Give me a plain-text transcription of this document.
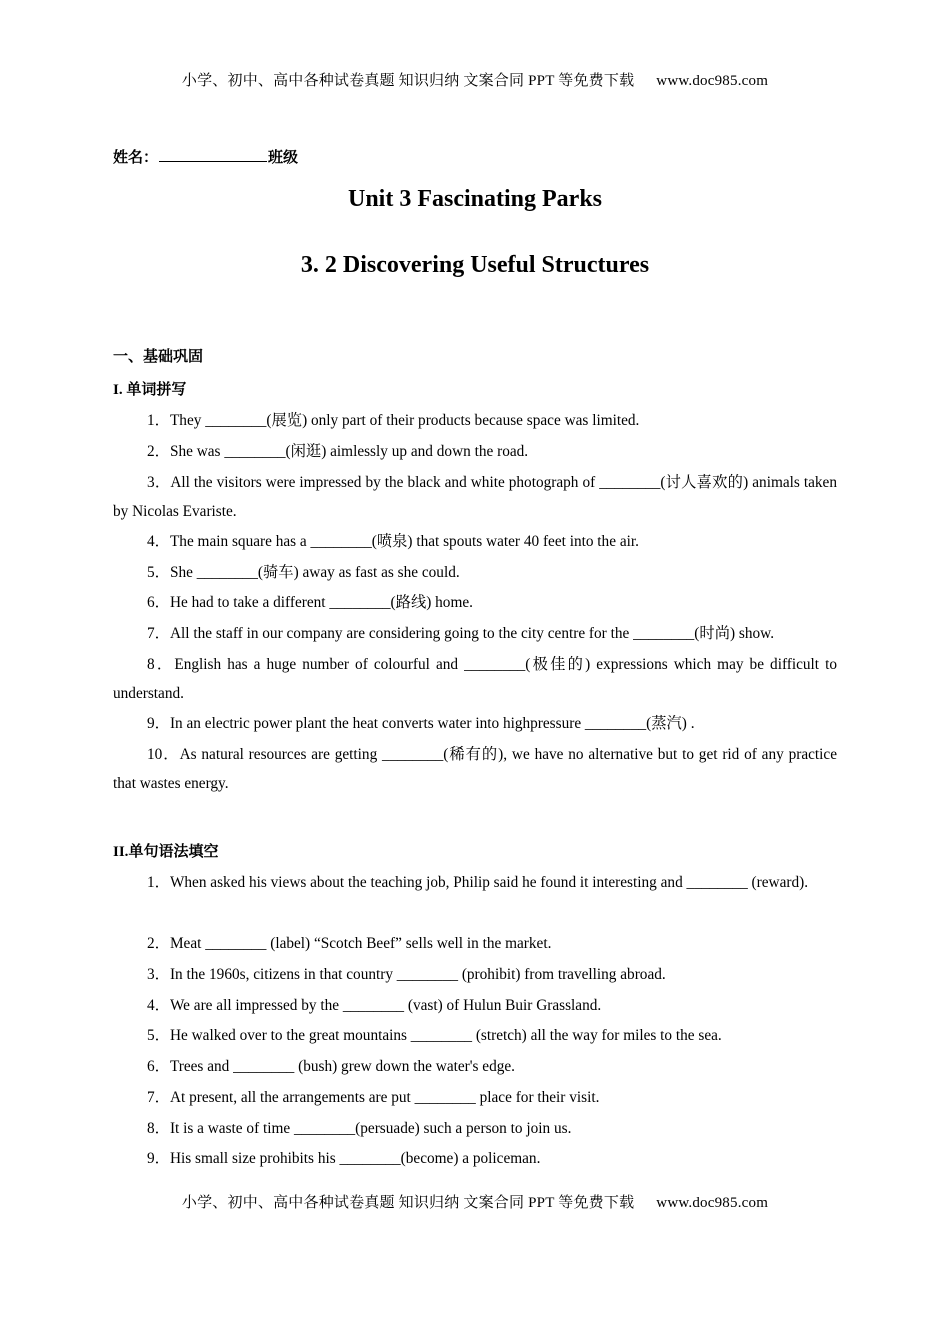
小学、初中、高中各种试卷真题 知识归纳 文案合同 PPT 等免费下载 www.doc985.com
姓名：	班级
Unit 3 Fascinating Parks
3. 2 Discovering Useful Structures
一、基础巩固
I. 单词拼写
1．They ________(展览) only part of their products because space was limited.
2．She was ________(闲逛) aimlessly up and down the road.
3．All the visitors were impressed by the black and white photograph of ________(讨人喜欢的) animals taken by Nicolas Evariste.
4．The main square has a ________(喷泉) that spouts water 40 feet into the air.
5．She ________(骑车) away as fast as she could.
6．He had to take a different ________(路线) home.
7．All the staff in our company are considering going to the city centre for the ________(时尚) show.
8．English has a huge number of colourful and ________(极佳的) expressions which may be difficult to understand.
9．In an electric power plant the heat converts water into highpressure ________(蒸汽) .
10．As natural resources are getting ________(稀有的), we have no alternative but to get rid of any practice that wastes energy.
II.单句语法填空
1．When asked his views about the teaching job, Philip said he found it interesting and ________ (reward).
2．Meat ________ (label) “Scotch Beef” sells well in the market.
3．In the 1960s, citizens in that country ________ (prohibit) from travelling abroad.
4．We are all impressed by the ________ (vast) of Hulun Buir Grassland.
5．He walked over to the great mountains ________ (stretch) all the way for miles to the sea.
6．Trees and ________ (bush) grew down the water's edge.
7．At present, all the arrangements are put ________ place for their visit.
8．It is a waste of time ________(persuade) such a person to join us.
9．His small size prohibits his ________(become) a policeman.
小学、初中、高中各种试卷真题 知识归纳 文案合同 PPT 等免费下载 www.doc985.com
